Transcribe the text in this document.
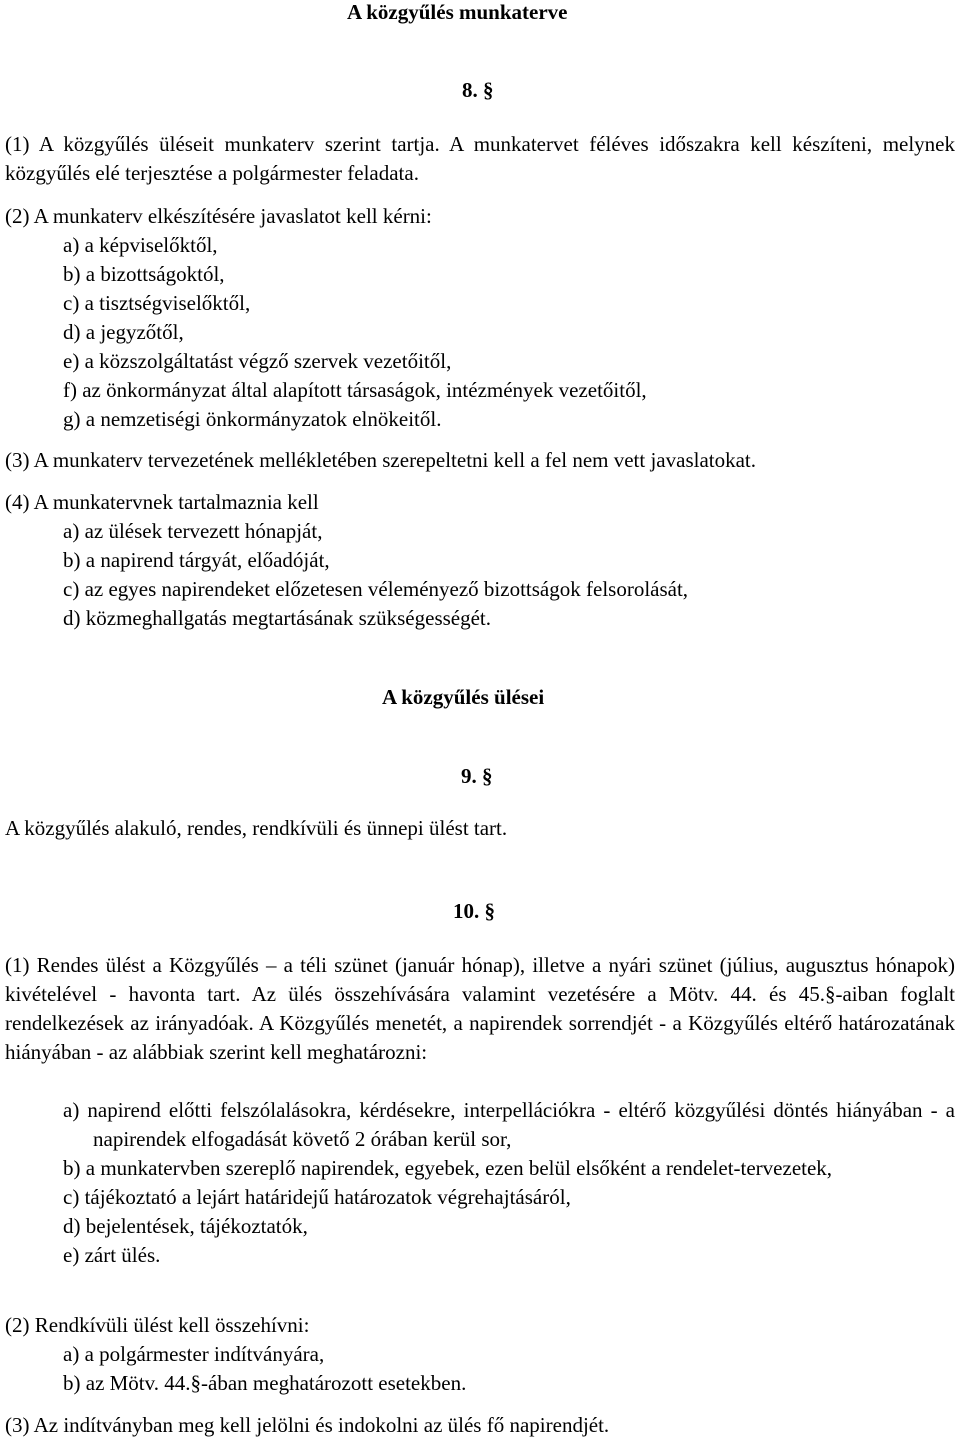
A közgyűlés munkaterve
8. §

(1) A közgyűlés üléseit munkaterv szerint tartja. A munkatervet féléves időszakra kell készíteni, melynek közgyűlés elé terjesztése a polgármester feladata.

(2) A munkaterv elkészítésére javaslatot kell kérni:

a) a képviselőktől,

b) a bizottságoktól,

c) a tisztségviselőktől,

d) a jegyzőtől,

e) a közszolgáltatást végző szervek vezetőitől,

f) az önkormányzat által alapított társaságok, intézmények vezetőitől,

g) a nemzetiségi önkormányzatok elnökeitől.

(3) A munkaterv tervezetének mellékletében szerepeltetni kell a fel nem vett javaslatokat.

(4) A munkatervnek tartalmaznia kell

a) az ülések tervezett hónapját,

b) a napirend tárgyát, előadóját,

c) az egyes napirendeket előzetesen véleményező bizottságok felsorolását,

d) közmeghallgatás megtartásának szükségességét.

A közgyűlés ülései
9. §

A közgyűlés alakuló, rendes, rendkívüli és ünnepi ülést tart.

10. §

(1) Rendes ülést a Közgyűlés – a téli szünet (január hónap), illetve a nyári szünet (július, augusztus hónapok) kivételével - havonta tart. Az ülés összehívására valamint vezetésére a Mötv. 44. és 45.§-aiban foglalt rendelkezések az irányadóak. A Közgyűlés menetét, a napirendek sorrendjét - a Közgyűlés eltérő határozatának hiányában - az alábbiak szerint kell meghatározni:

a) napirend előtti felszólalásokra, kérdésekre, interpellációkra - eltérő közgyűlési döntés hiányában - a napirendek elfogadását követő 2 órában kerül sor,

b) a munkatervben szereplő napirendek, egyebek, ezen belül elsőként a rendelet-tervezetek,

c) tájékoztató a lejárt határidejű határozatok végrehajtásáról,

d) bejelentések, tájékoztatók,

e) zárt ülés.

(2) Rendkívüli ülést kell összehívni:

a) a polgármester indítványára,

b) az Mötv. 44.§-ában meghatározott esetekben.

(3) Az indítványban meg kell jelölni és indokolni az ülés fő napirendjét.
